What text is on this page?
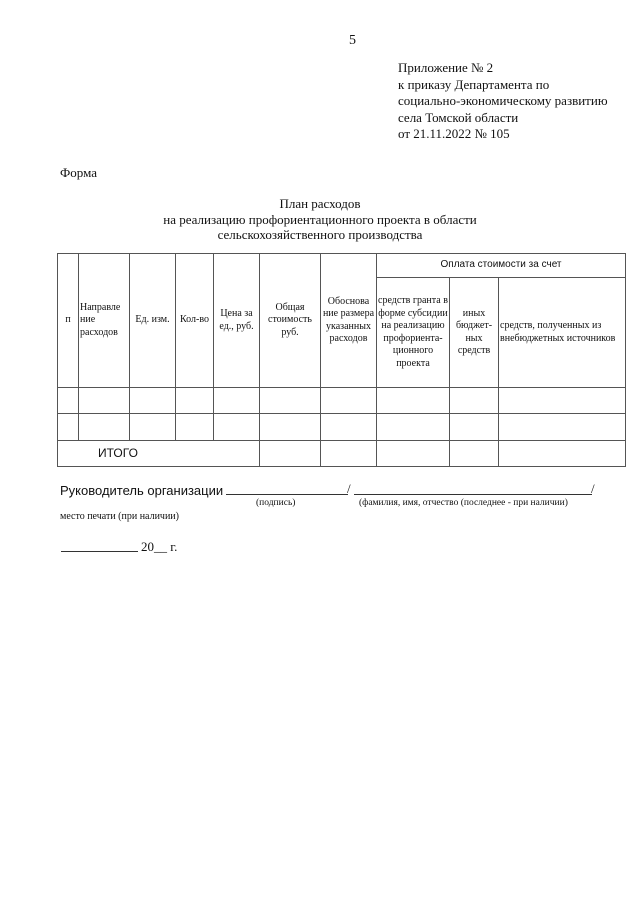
5
Приложение № 2
к приказу Департамента по
социально-экономическому развитию
села Томской области
от 21.11.2022 № 105
Форма
План расходов
на реализацию профориентационного проекта в области
сельскохозяйственного производства
п	Направле ние расходов	Ед. изм.	Кол-во	Цена за ед., руб.	Общая стоимость руб.	Обоснова ние размера указанных расходов	Оплата стоимости за счет		
							средств гранта в форме субсидии на реализацию профориента-ционного проекта	иных бюджет-ных средств	средств, полученных из внебюджетных источников

ИТОГО									
Руководитель организации	/	/
(подпись)	(фамилия, имя, отчество (последнее - при наличии)
место печати (при наличии)
20__ г.
